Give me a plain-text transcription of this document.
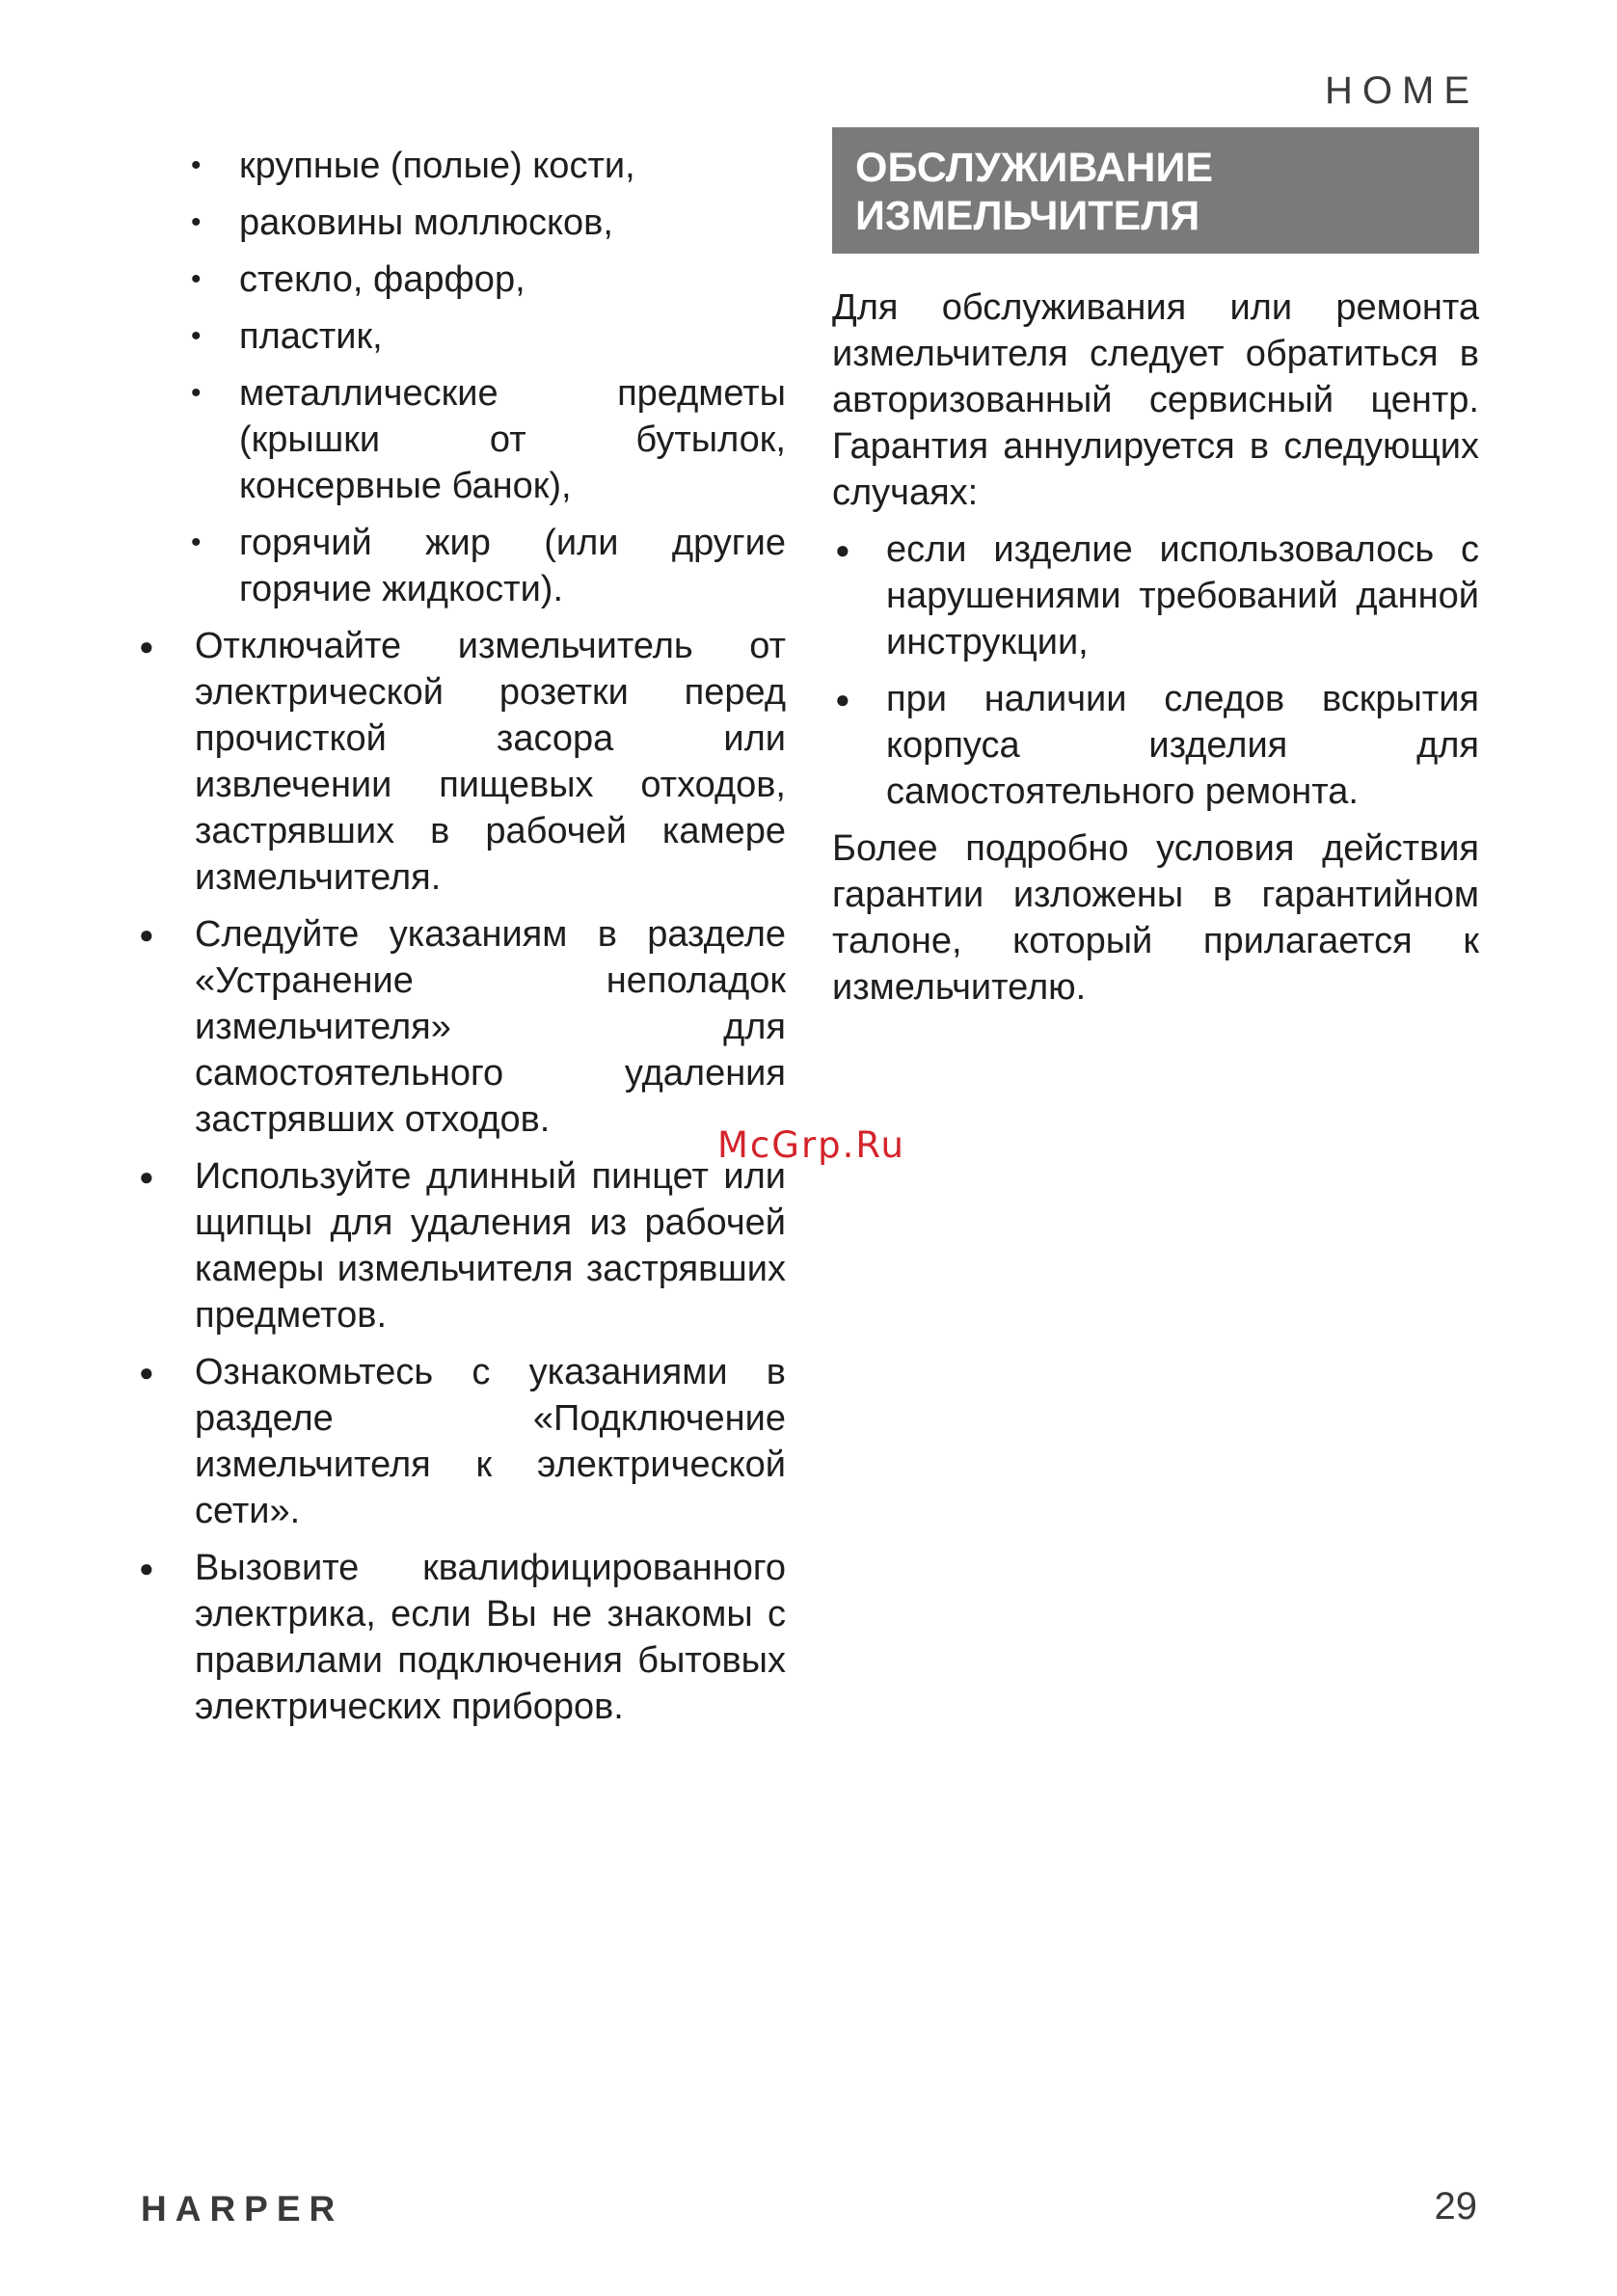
HOME
• крупные (полые) кости,
• раковины моллюсков,
• стекло, фарфор,
• пластик,
• металлические предметы (крышки от бутылок, консервные банок),
• горячий жир (или другие горячие жидкости).
● Отключайте измельчитель от электрической розетки перед прочисткой засора или извлечении пищевых отходов, застрявших в рабочей камере измельчителя.
● Следуйте указаниям в разделе «Устранение неполадок измельчителя» для самостоятельного удаления застрявших отходов.
● Используйте длинный пинцет или щипцы для удаления из рабочей камеры измельчителя застрявших предметов.
● Ознакомьтесь с указаниями в разделе «Подключение измельчителя к электрической сети».
● Вызовите квалифицированного электрика, если Вы не знакомы с правилами подключения бытовых электрических приборов.
ОБСЛУЖИВАНИЕ
ИЗМЕЛЬЧИТЕЛЯ

Для обслуживания или ремонта измельчителя следует обратиться в авторизованный сервисный центр. Гарантия аннулируется в следующих случаях:

● если изделие использовалось с нарушениями требований данной инструкции,
● при наличии следов вскрытия корпуса изделия для самостоятельного ремонта.

Более подробно условия действия гарантии изложены в гарантийном талоне, который прилагается к измельчителю.

McGrp.Ru
HARPER	29
